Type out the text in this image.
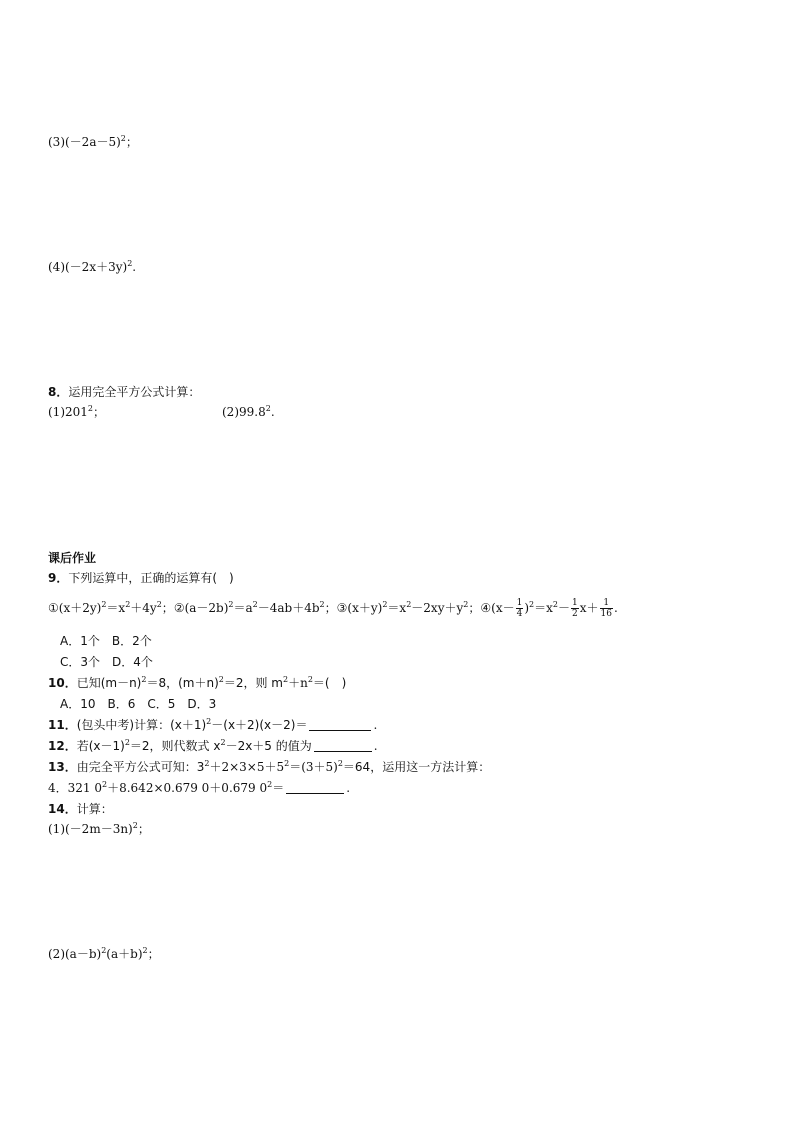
$(3)(-2a-5)^2$；
$(4)(-2x+3y)^2$.
8．运用完全平方公式计算：
$(1)201^2$；	(2)99.8$^2$.
课后作业
9．下列运算中，正确的运算有(　)
$①(x+2y)^2=x^2+4y^2$；$②(a-2b)^2=a^2-4ab+4b^2$；$③(x+y)^2=x^2-2xy+y^2$；④(x－ $\frac{1}{4} )^2=x^2- \frac{1}{2} x+ \frac{1}{16}$ .
A．1个　B．2个
C．3个　D．4个
10．已知$(m-n)^2=8$，$(m+n)^2=2$，则 $m^2+n^2=$(　)
A．10　B．6　C．5　D．3
11．(包头中考)计算：$(x+1)^2-(x+2)(x-2)=$	.
12．若$(x-1)^2=2$，则代数式 $x^2-2x+5$ 的值为	.
13．由完全平方公式可知：$3^2+2\times 3\times 5+5^2=(3+5)^2=64$，运用这一方法计算：
4．321 $0^2+8.642\times 0.679$ 0＋0.679 $0^2=$	.
14．计算：
$(1)(-2m-3n)^2$；
$(2)(a-b)^2(a+b)^2$；
